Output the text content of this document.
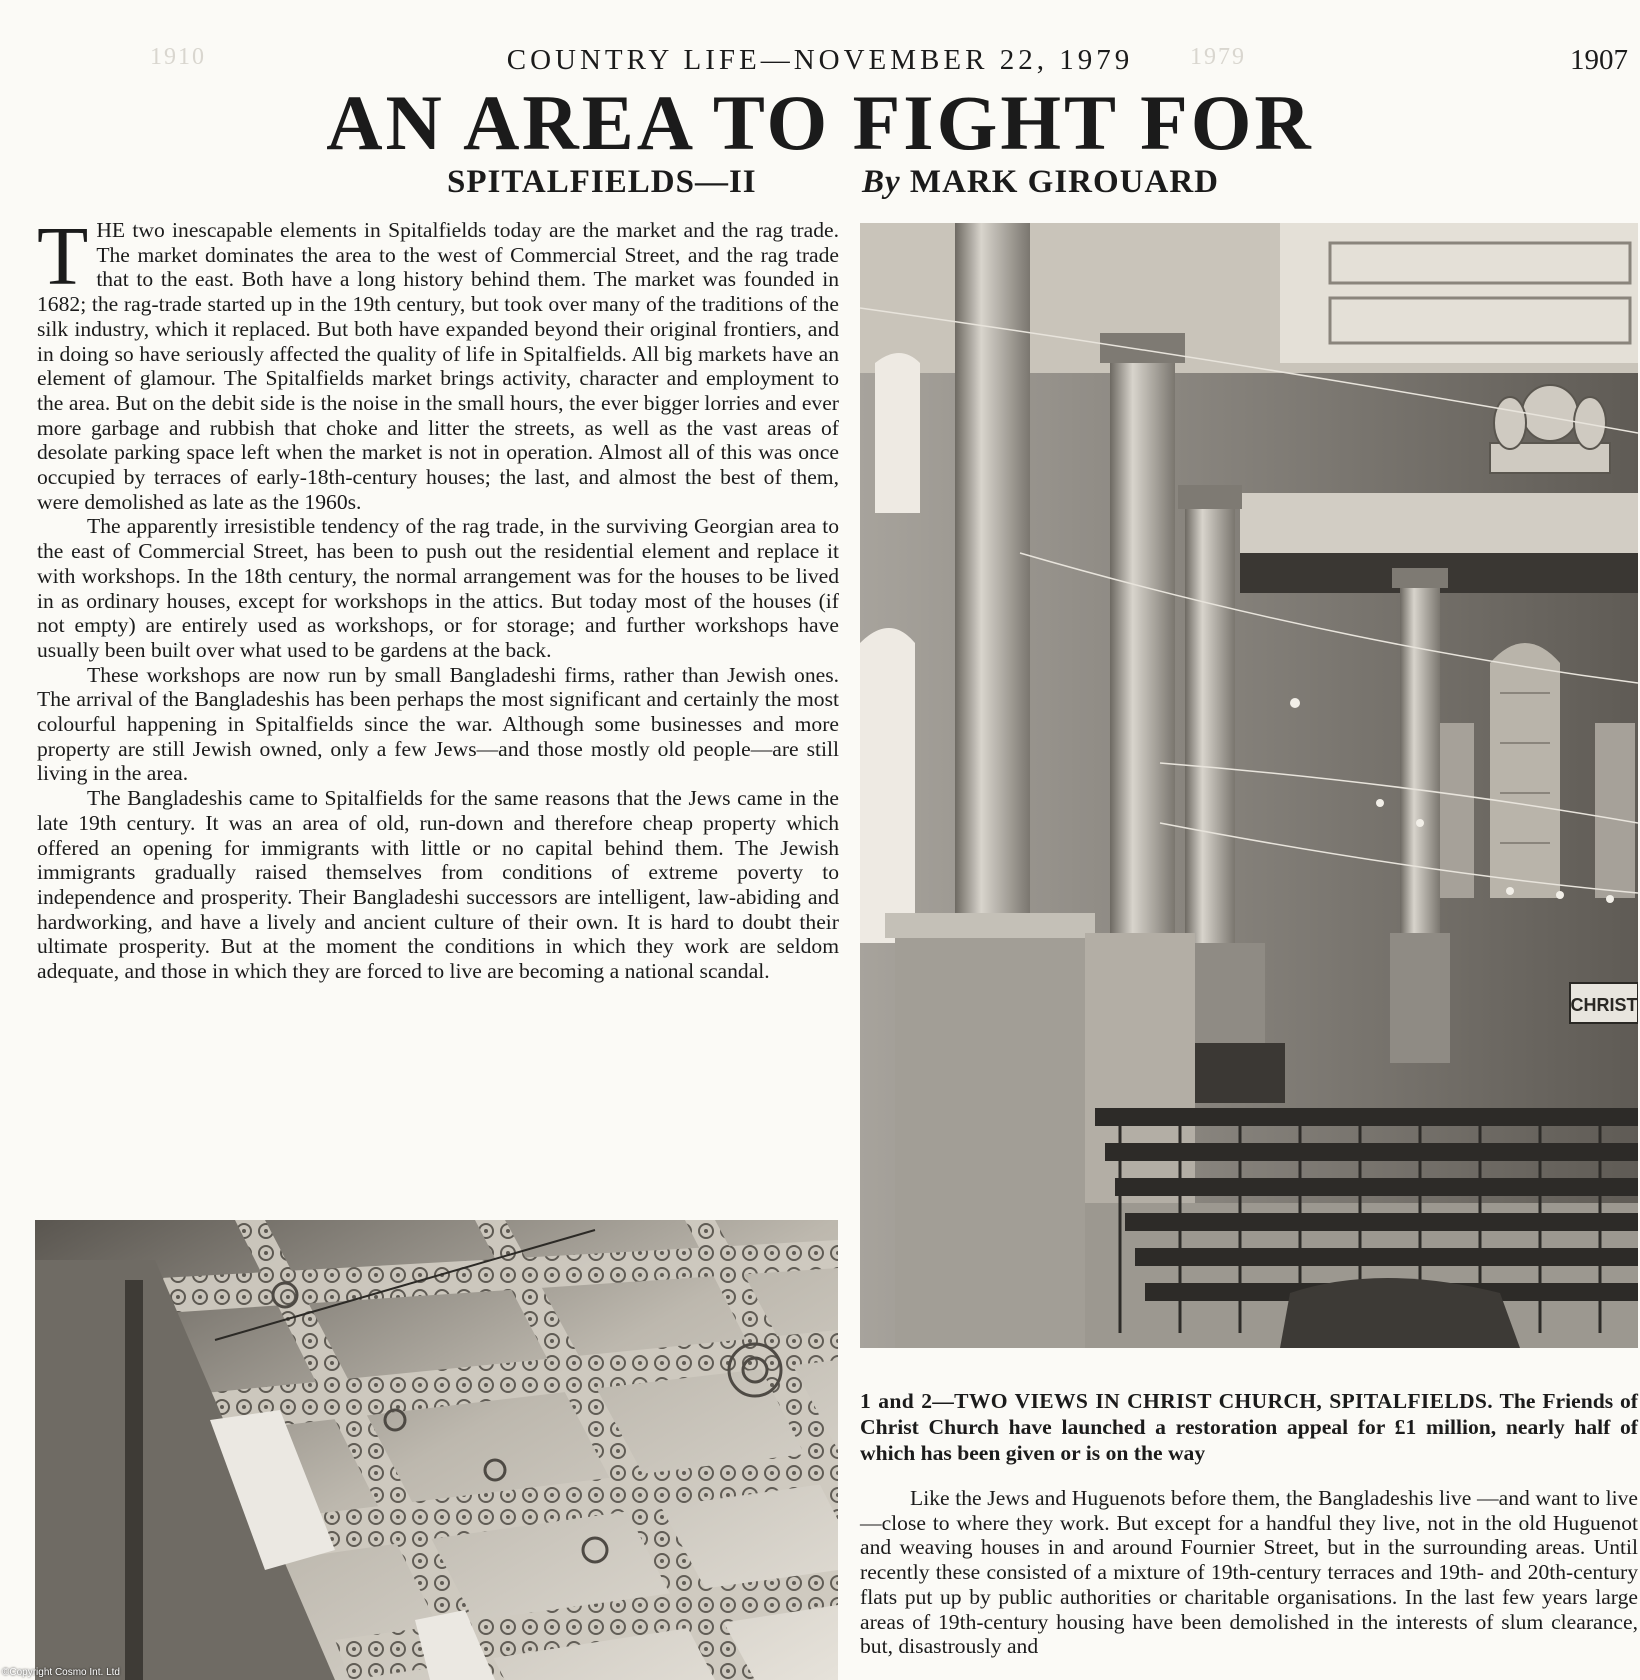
1910	1979
COUNTRY LIFE—NOVEMBER 22, 1979	1907
AN AREA TO FIGHT FOR
SPITALFIELDS—II	By MARK GIROUARD

THE two inescapable elements in Spitalfields today are the market and the rag trade. The market dominates the area to the west of Commercial Street, and the rag trade that to the east. Both have a long history behind them. The market was founded in 1682; the rag-trade started up in the 19th century, but took over many of the traditions of the silk industry, which it replaced. But both have expanded beyond their original frontiers, and in doing so have seriously affected the quality of life in Spitalfields. All big markets have an element of glamour. The Spitalfields market brings activity, character and employment to the area. But on the debit side is the noise in the small hours, the ever bigger lorries and ever more garbage and rubbish that choke and litter the streets, as well as the vast areas of desolate parking space left when the market is not in operation. Almost all of this was once occupied by terraces of early-18th-century houses; the last, and almost the best of them, were demolished as late as the 1960s.

The apparently irresistible tendency of the rag trade, in the surviving Georgian area to the east of Commercial Street, has been to push out the residential element and replace it with workshops. In the 18th century, the normal arrangement was for the houses to be lived in as ordinary houses, except for workshops in the attics. But today most of the houses (if not empty) are entirely used as workshops, or for storage; and further workshops have usually been built over what used to be gardens at the back.

These workshops are now run by small Bangladeshi firms, rather than Jewish ones. The arrival of the Bangladeshis has been perhaps the most significant and certainly the most colourful happening in Spitalfields since the war. Although some businesses and more property are still Jewish owned, only a few Jews—and those mostly old people—are still living in the area.

The Bangladeshis came to Spitalfields for the same reasons that the Jews came in the late 19th century. It was an area of old, run-down and therefore cheap property which offered an opening for immigrants with little or no capital behind them. The Jewish immigrants gradually raised themselves from conditions of extreme poverty to independence and prosperity. Their Bangladeshi successors are intelligent, law-abiding and hardworking, and have a lively and ancient culture of their own. It is hard to doubt their ultimate prosperity. But at the moment the conditions in which they work are seldom adequate, and those in which they are forced to live are becoming a national scandal.

CHRIST
1 and 2—TWO VIEWS IN CHRIST CHURCH, SPITALFIELDS. The Friends of Christ Church have launched a restoration appeal for £1 million, nearly half of which has been given or is on the way

Like the Jews and Huguenots before them, the Bangladeshis live —and want to live—close to where they work. But except for a handful they live, not in the old Huguenot and weaving houses in and around Fournier Street, but in the surrounding areas. Until recently these consisted of a mixture of 19th-century terraces and 19th- and 20th-century flats put up by public authorities or charitable organisations. In the last few years large areas of 19th-century housing have been demolished in the interests of slum clearance, but, disastrously and

©Copyright Cosmo Int. Ltd
